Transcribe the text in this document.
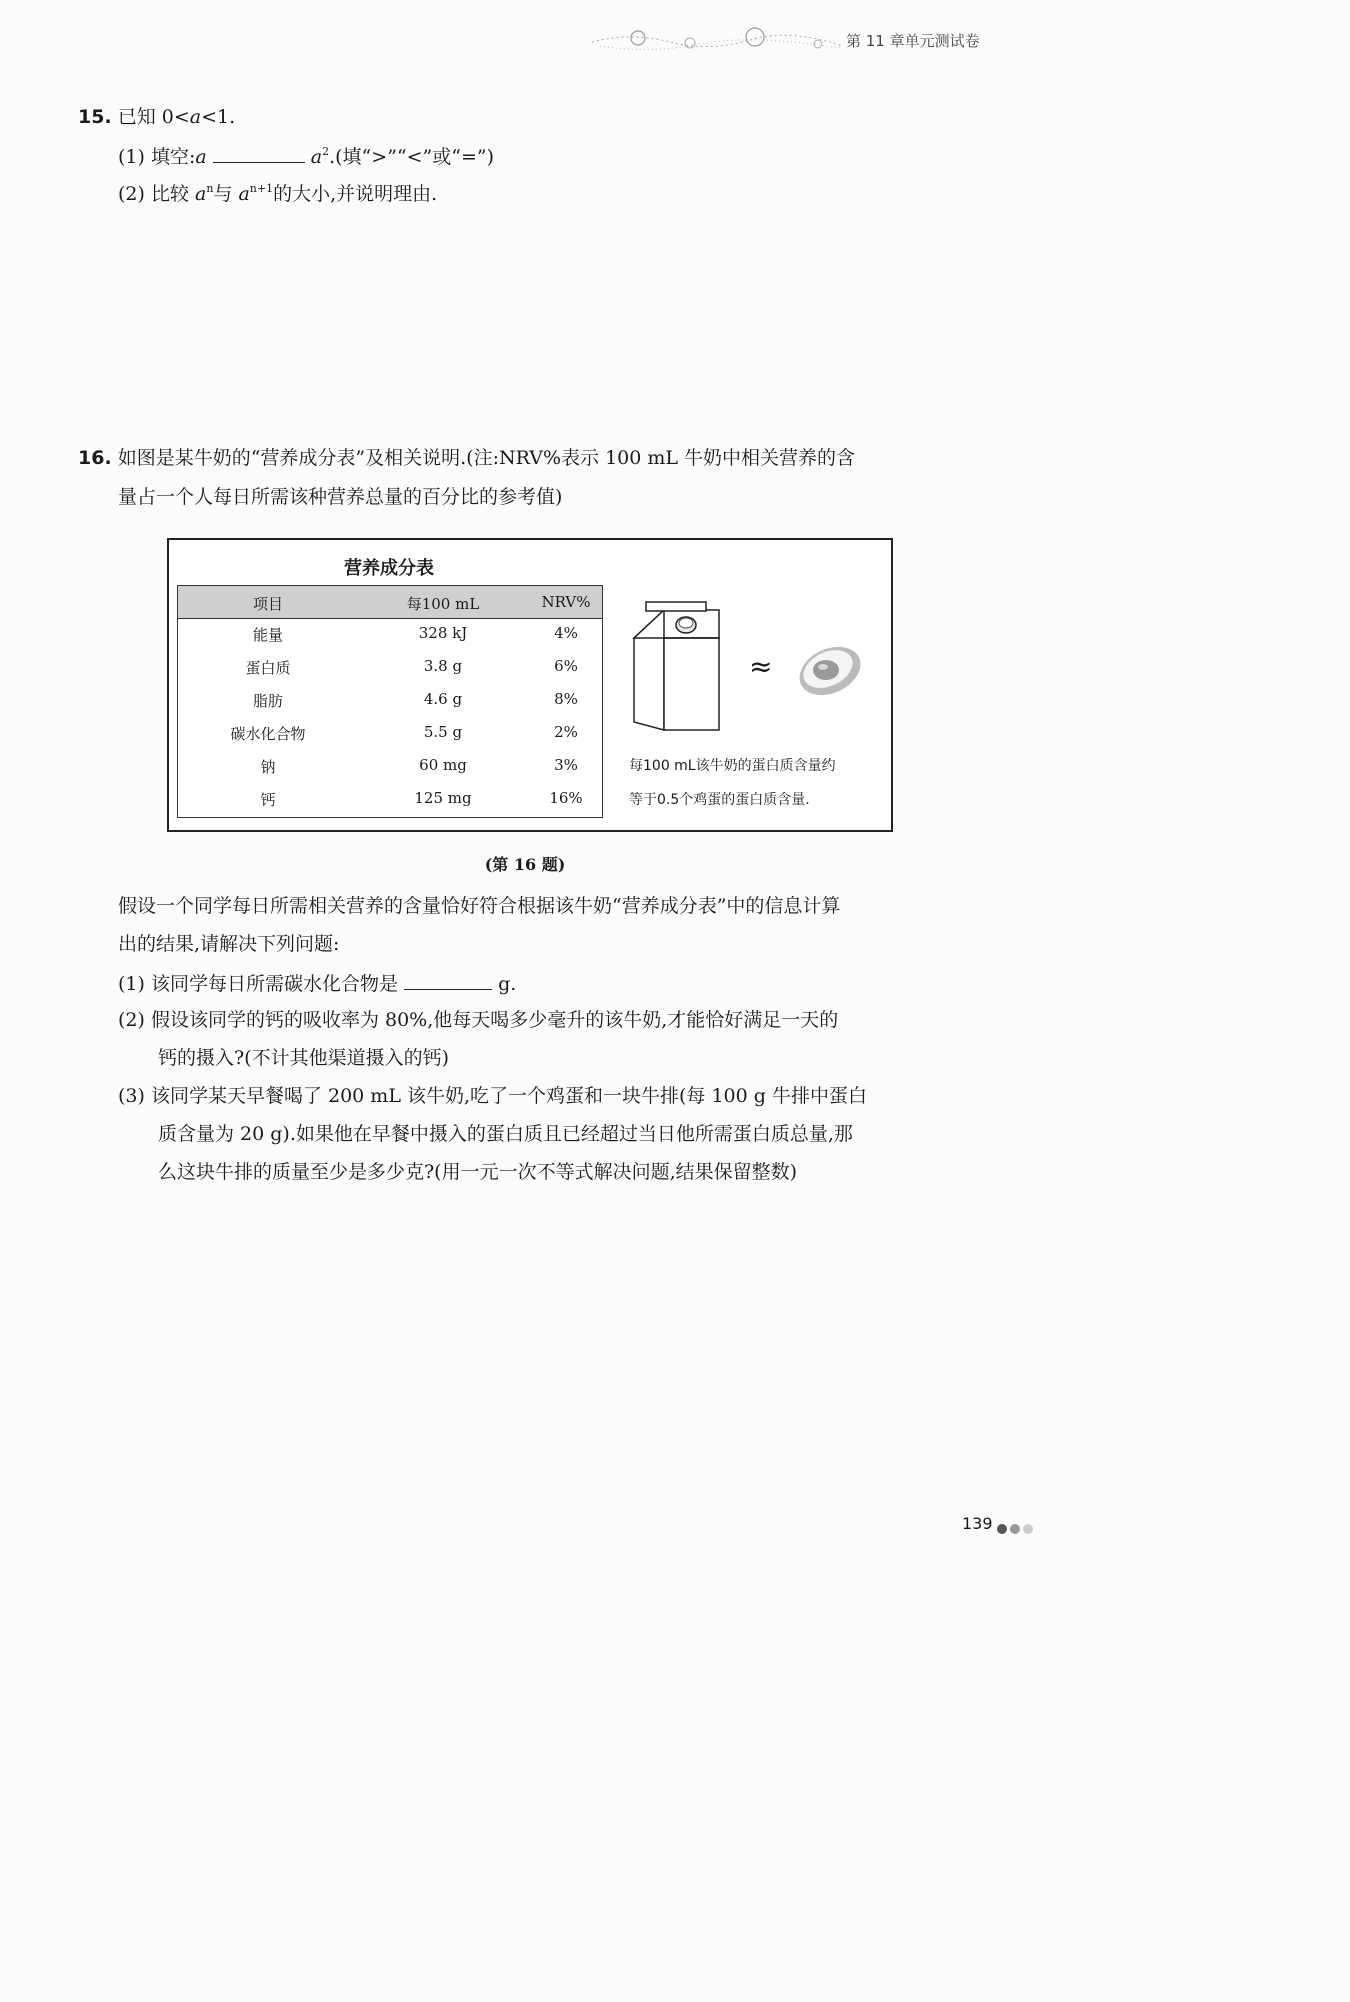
第 11 章单元测试卷
15. 已知 0<a<1.
(1) 填空:a	$a^2$.(填“>”“<”或“=”)
(2) 比较 $a^n$与 $a^{n+1}$的大小,并说明理由.
16. 如图是某牛奶的“营养成分表”及相关说明.(注:NRV%表示 100 mL 牛奶中相关营养的含
量占一个人每日所需该种营养总量的百分比的参考值)
营养成分表
项目	每100 mL	NRV%
能量	328 kJ	4%
蛋白质	3.8 g	6%
脂肪	4.6 g	8%
碳水化合物	5.5 g	2%
钠	60 mg	3%
钙	125 mg	16%
≈
每100 mL该牛奶的蛋白质含量约
等于0.5个鸡蛋的蛋白质含量.
(第 16 题)
假设一个同学每日所需相关营养的含量恰好符合根据该牛奶“营养成分表”中的信息计算
出的结果,请解决下列问题:
(1) 该同学每日所需碳水化合物是	g.
(2) 假设该同学的钙的吸收率为 80%,他每天喝多少毫升的该牛奶,才能恰好满足一天的
钙的摄入?(不计其他渠道摄入的钙)
(3) 该同学某天早餐喝了 200 mL 该牛奶,吃了一个鸡蛋和一块牛排(每 100 g 牛排中蛋白
质含量为 20 g).如果他在早餐中摄入的蛋白质且已经超过当日他所需蛋白质总量,那
么这块牛排的质量至少是多少克?(用一元一次不等式解决问题,结果保留整数)
139
